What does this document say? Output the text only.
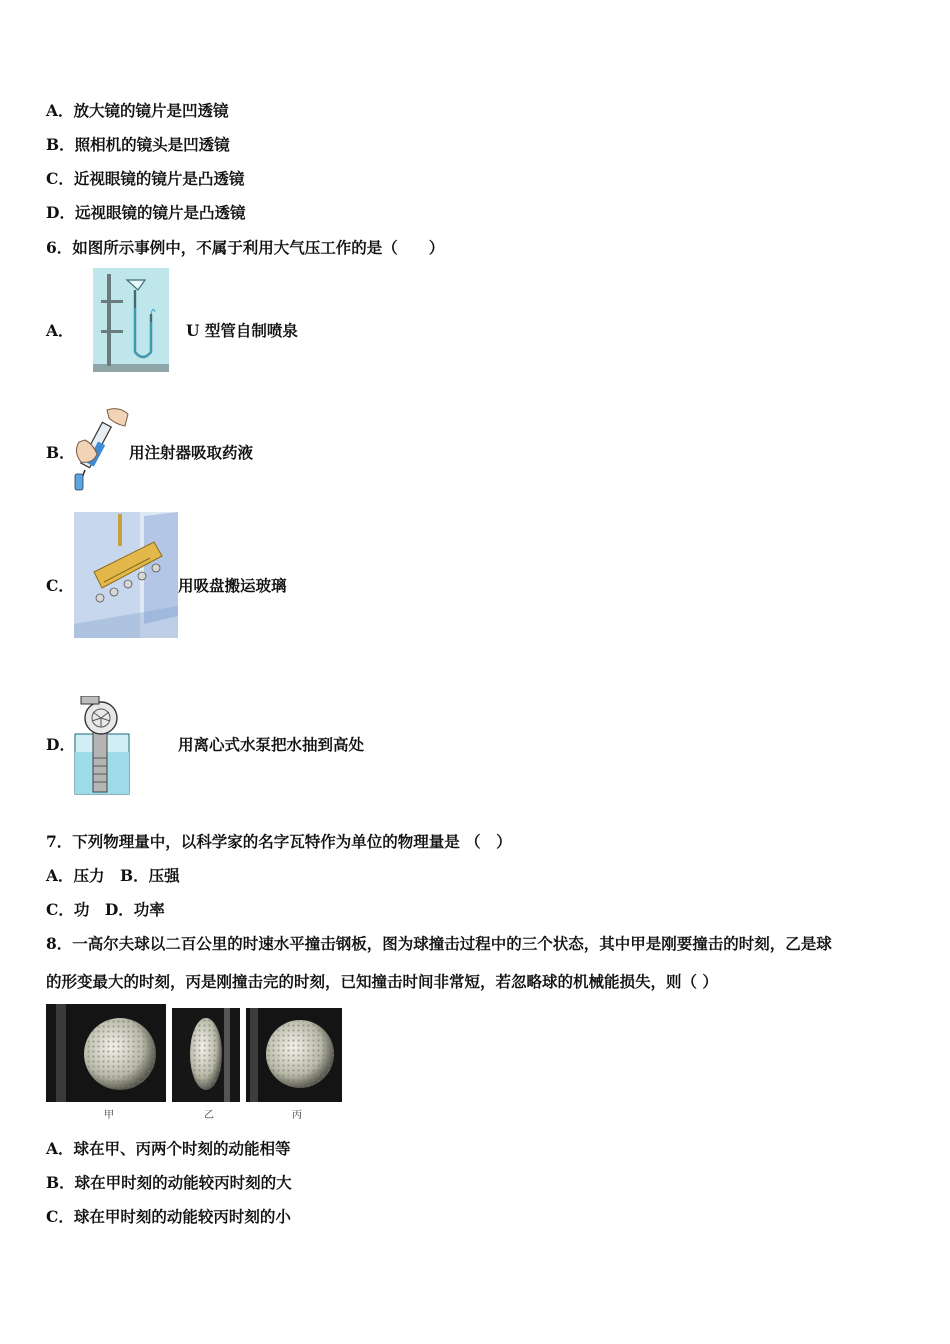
A．放大镜的镜片是凹透镜
B．照相机的镜头是凹透镜
C．近视眼镜的镜片是凸透镜
D．远视眼镜的镜片是凸透镜
6．如图所示事例中，不属于利用大气压工作的是（　　）
A．	U 型管自制喷泉
B．	用注射器吸取药液
C．	用吸盘搬运玻璃
D．	用离心式水泵把水抽到高处
7．下列物理量中，以科学家的名字瓦特作为单位的物理量是 （　）
A．压力　B．压强
C．功　D．功率
8．一高尔夫球以二百公里的时速水平撞击钢板，图为球撞击过程中的三个状态，其中甲是刚要撞击的时刻，乙是球
的形变最大的时刻，丙是刚撞击完的时刻，已知撞击时间非常短，若忽略球的机械能损失，则（ ）
甲	乙	丙
A．球在甲、丙两个时刻的动能相等
B．球在甲时刻的动能较丙时刻的大
C．球在甲时刻的动能较丙时刻的小
